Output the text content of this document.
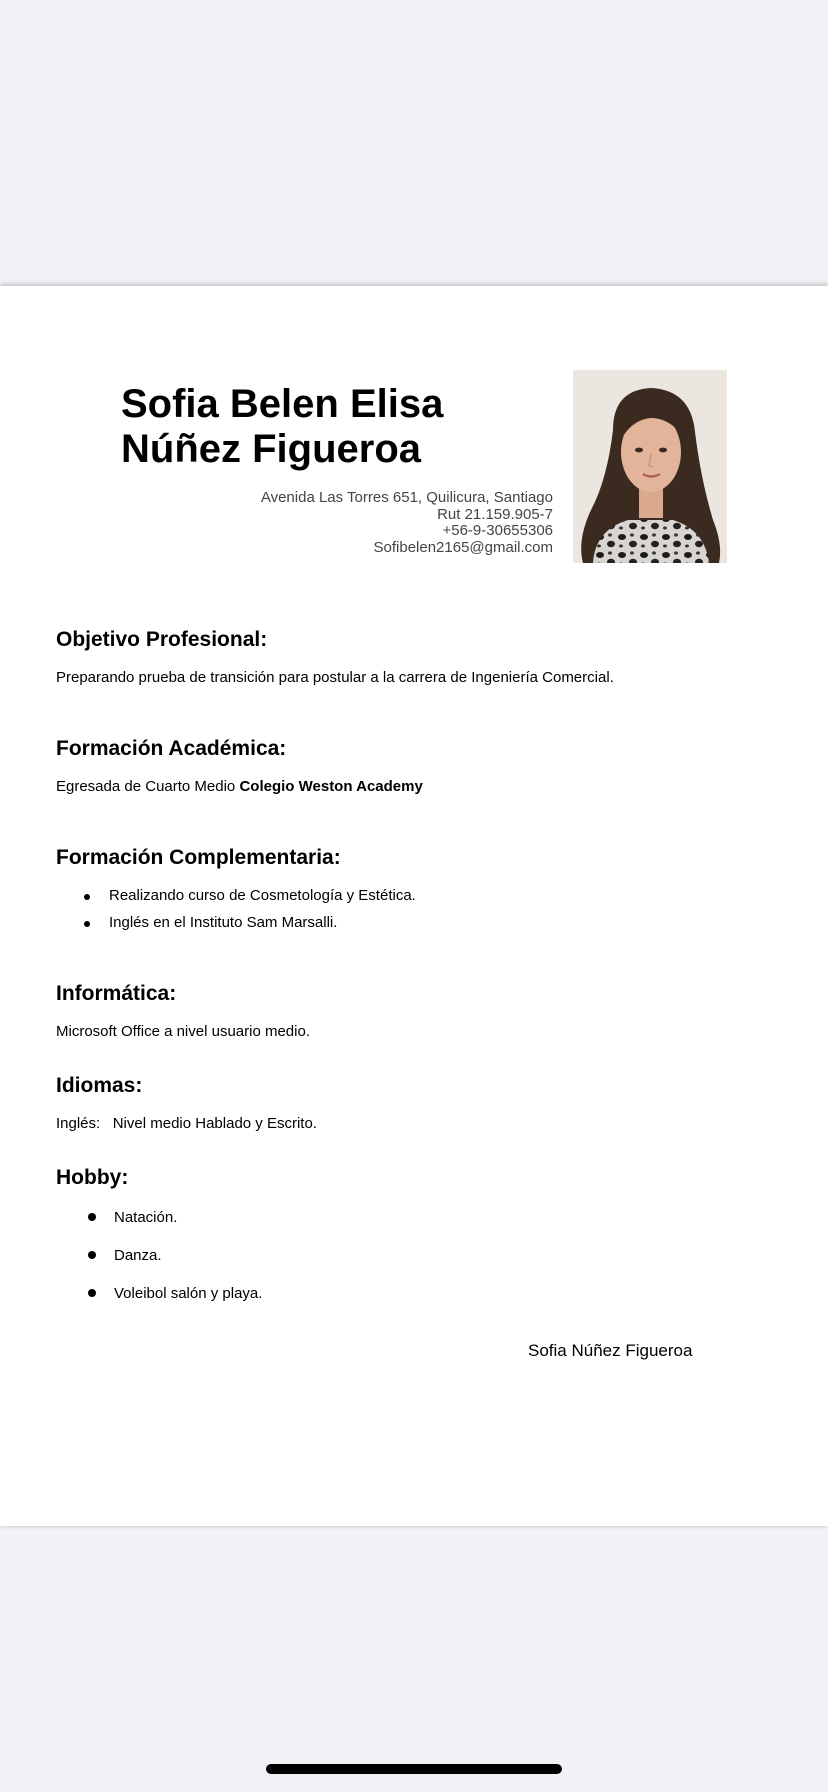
Sofia Belen Elisa
Núñez Figueroa
Avenida Las Torres 651, Quilicura, Santiago
Rut 21.159.905-7
+56-9-30655306
Sofibelen2165@gmail.com
Objetivo Profesional:
Preparando prueba de transición para postular a la carrera de Ingeniería Comercial.
Formación Académica:
Egresada de Cuarto Medio Colegio Weston Academy
Formación Complementaria:
Realizando curso de Cosmetología y Estética.
Inglés en el Instituto Sam Marsalli.
Informática:
Microsoft Office a nivel usuario medio.
Idiomas:
Inglés: Nivel medio Hablado y Escrito.
Hobby:
Natación.
Danza.
Voleibol salón y playa.
Sofia Núñez Figueroa
